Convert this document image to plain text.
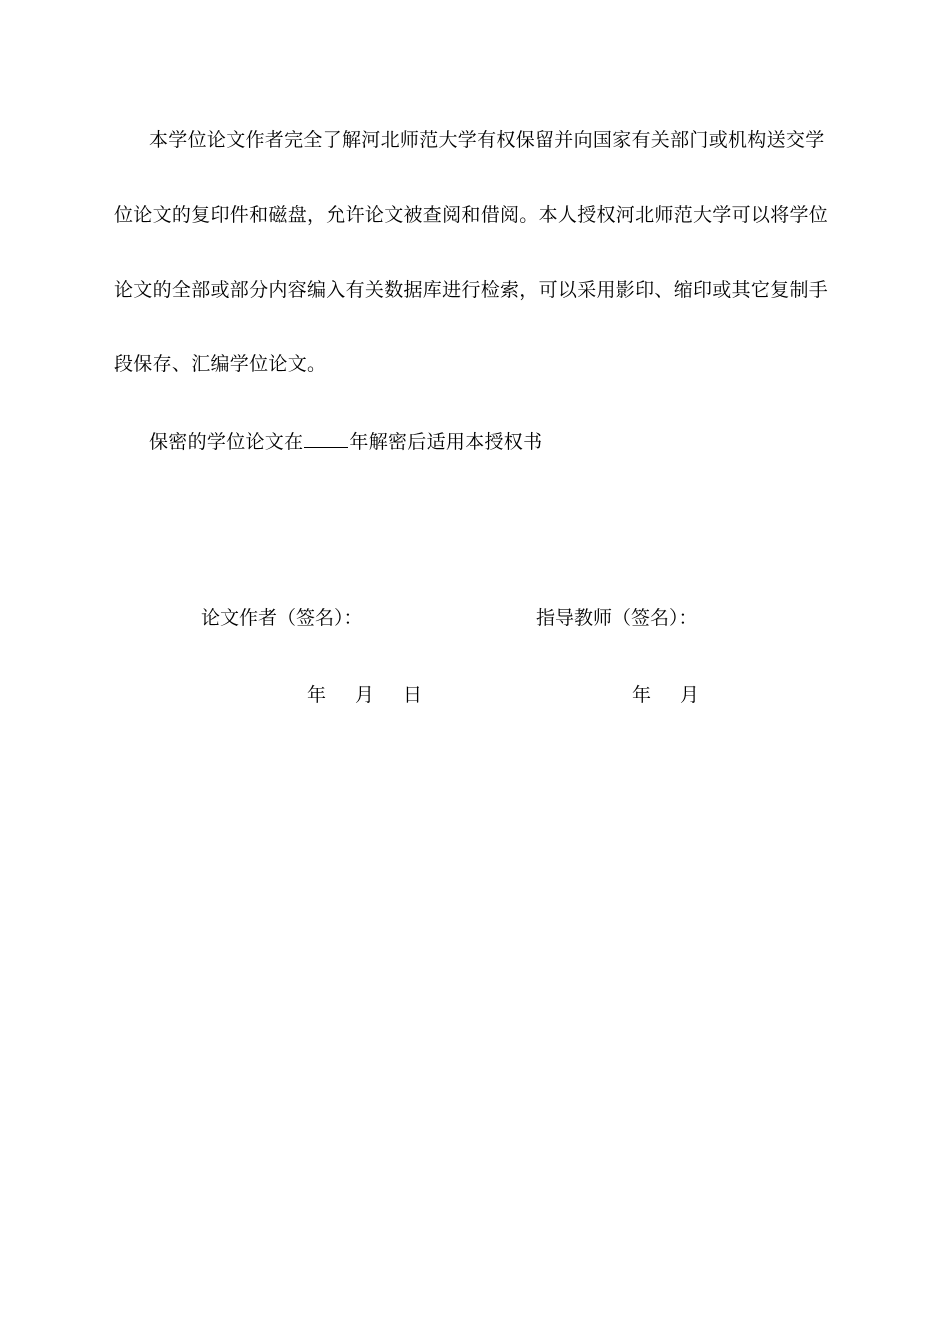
本学位论文作者完全了解河北师范大学有权保留并向国家有关部门或机构送交学
位论文的复印件和磁盘，允许论文被查阅和借阅。本人授权河北师范大学可以将学位
论文的全部或部分内容编入有关数据库进行检索，可以采用影印、缩印或其它复制手
段保存、汇编学位论文。
保密的学位论文在 年解密后适用本授权书
论文作者（签名）：	指导教师（签名）：
年 月 日	年 月
